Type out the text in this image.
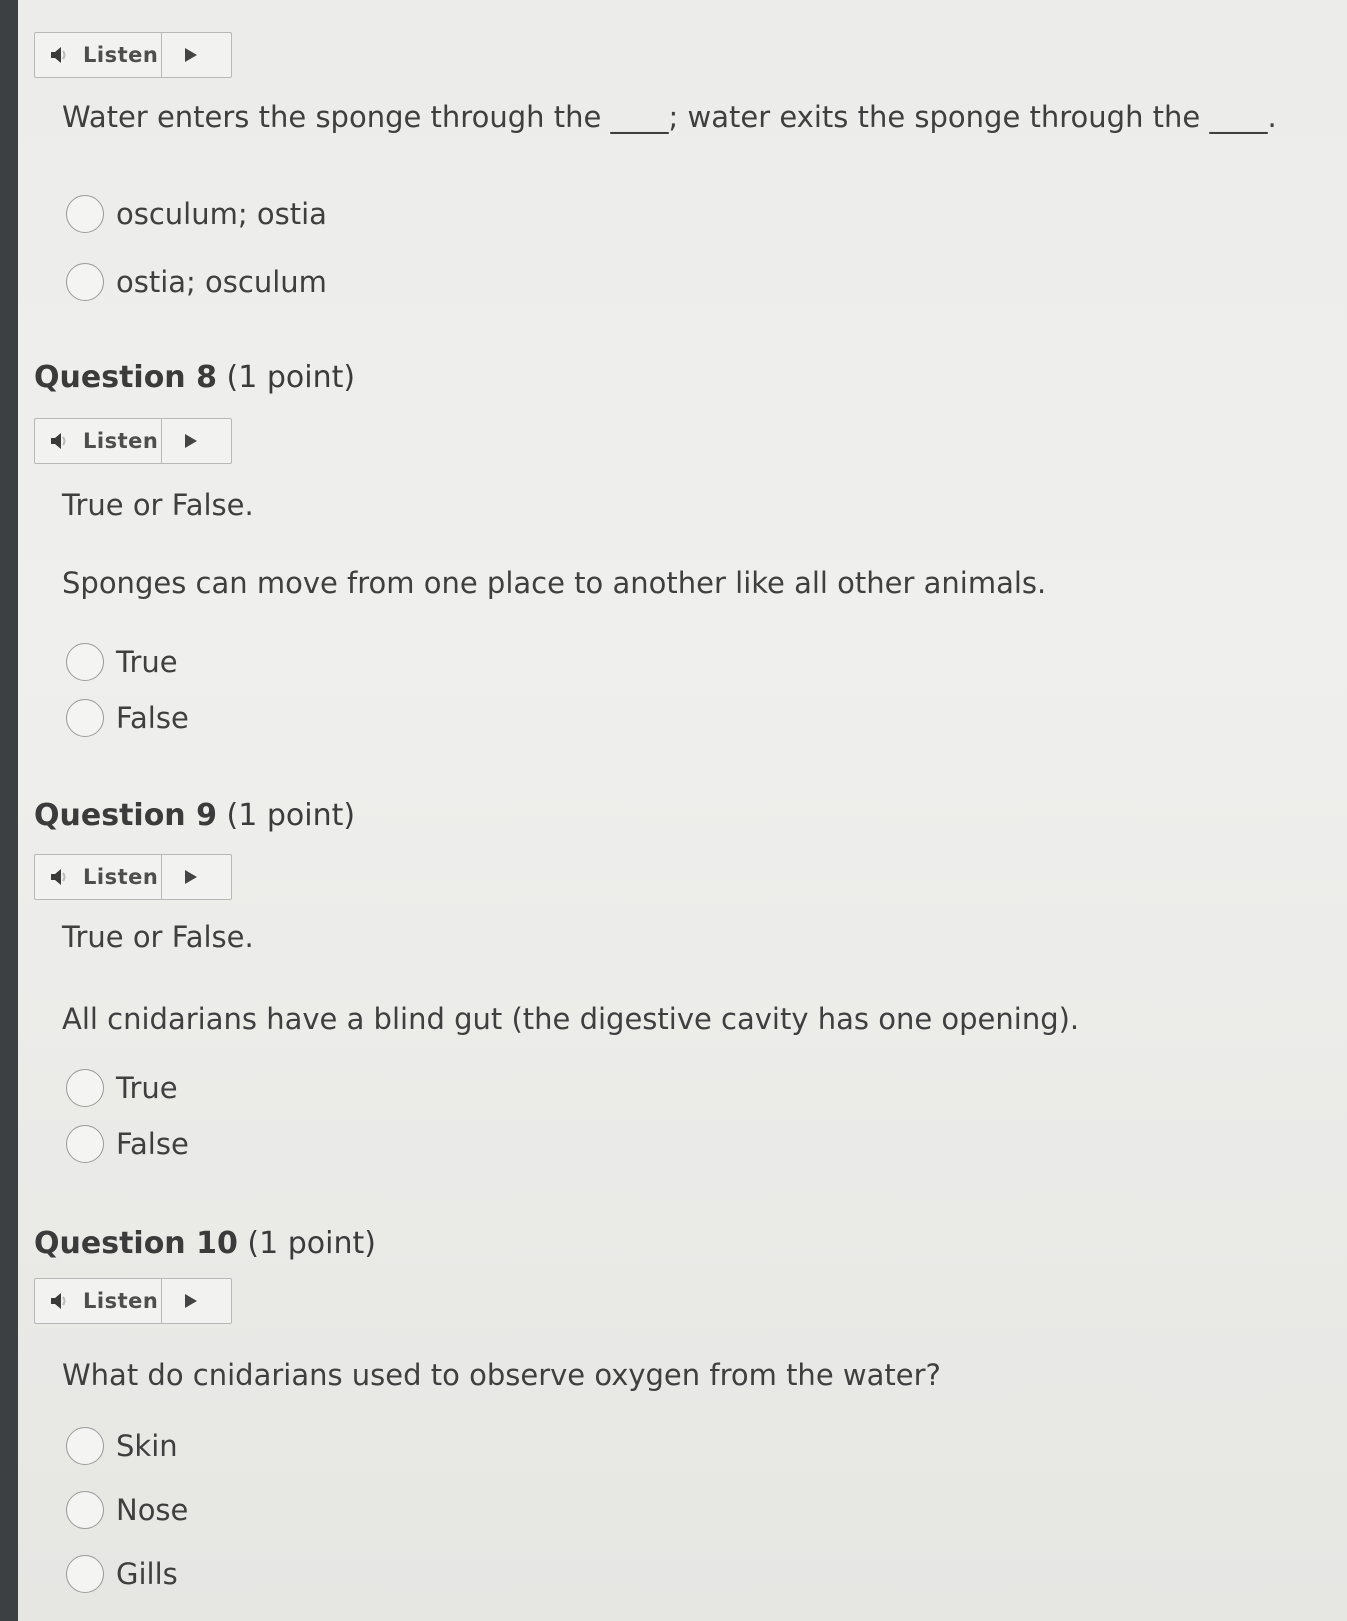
Listen
Water enters the sponge through the ____; water exits the sponge through the ____.
osculum; ostia
ostia; osculum
Question 8 (1 point)
Listen
True or False.
Sponges can move from one place to another like all other animals.
True
False
Question 9 (1 point)
Listen
True or False.
All cnidarians have a blind gut (the digestive cavity has one opening).
True
False
Question 10 (1 point)
Listen
What do cnidarians used to observe oxygen from the water?
Skin
Nose
Gills
